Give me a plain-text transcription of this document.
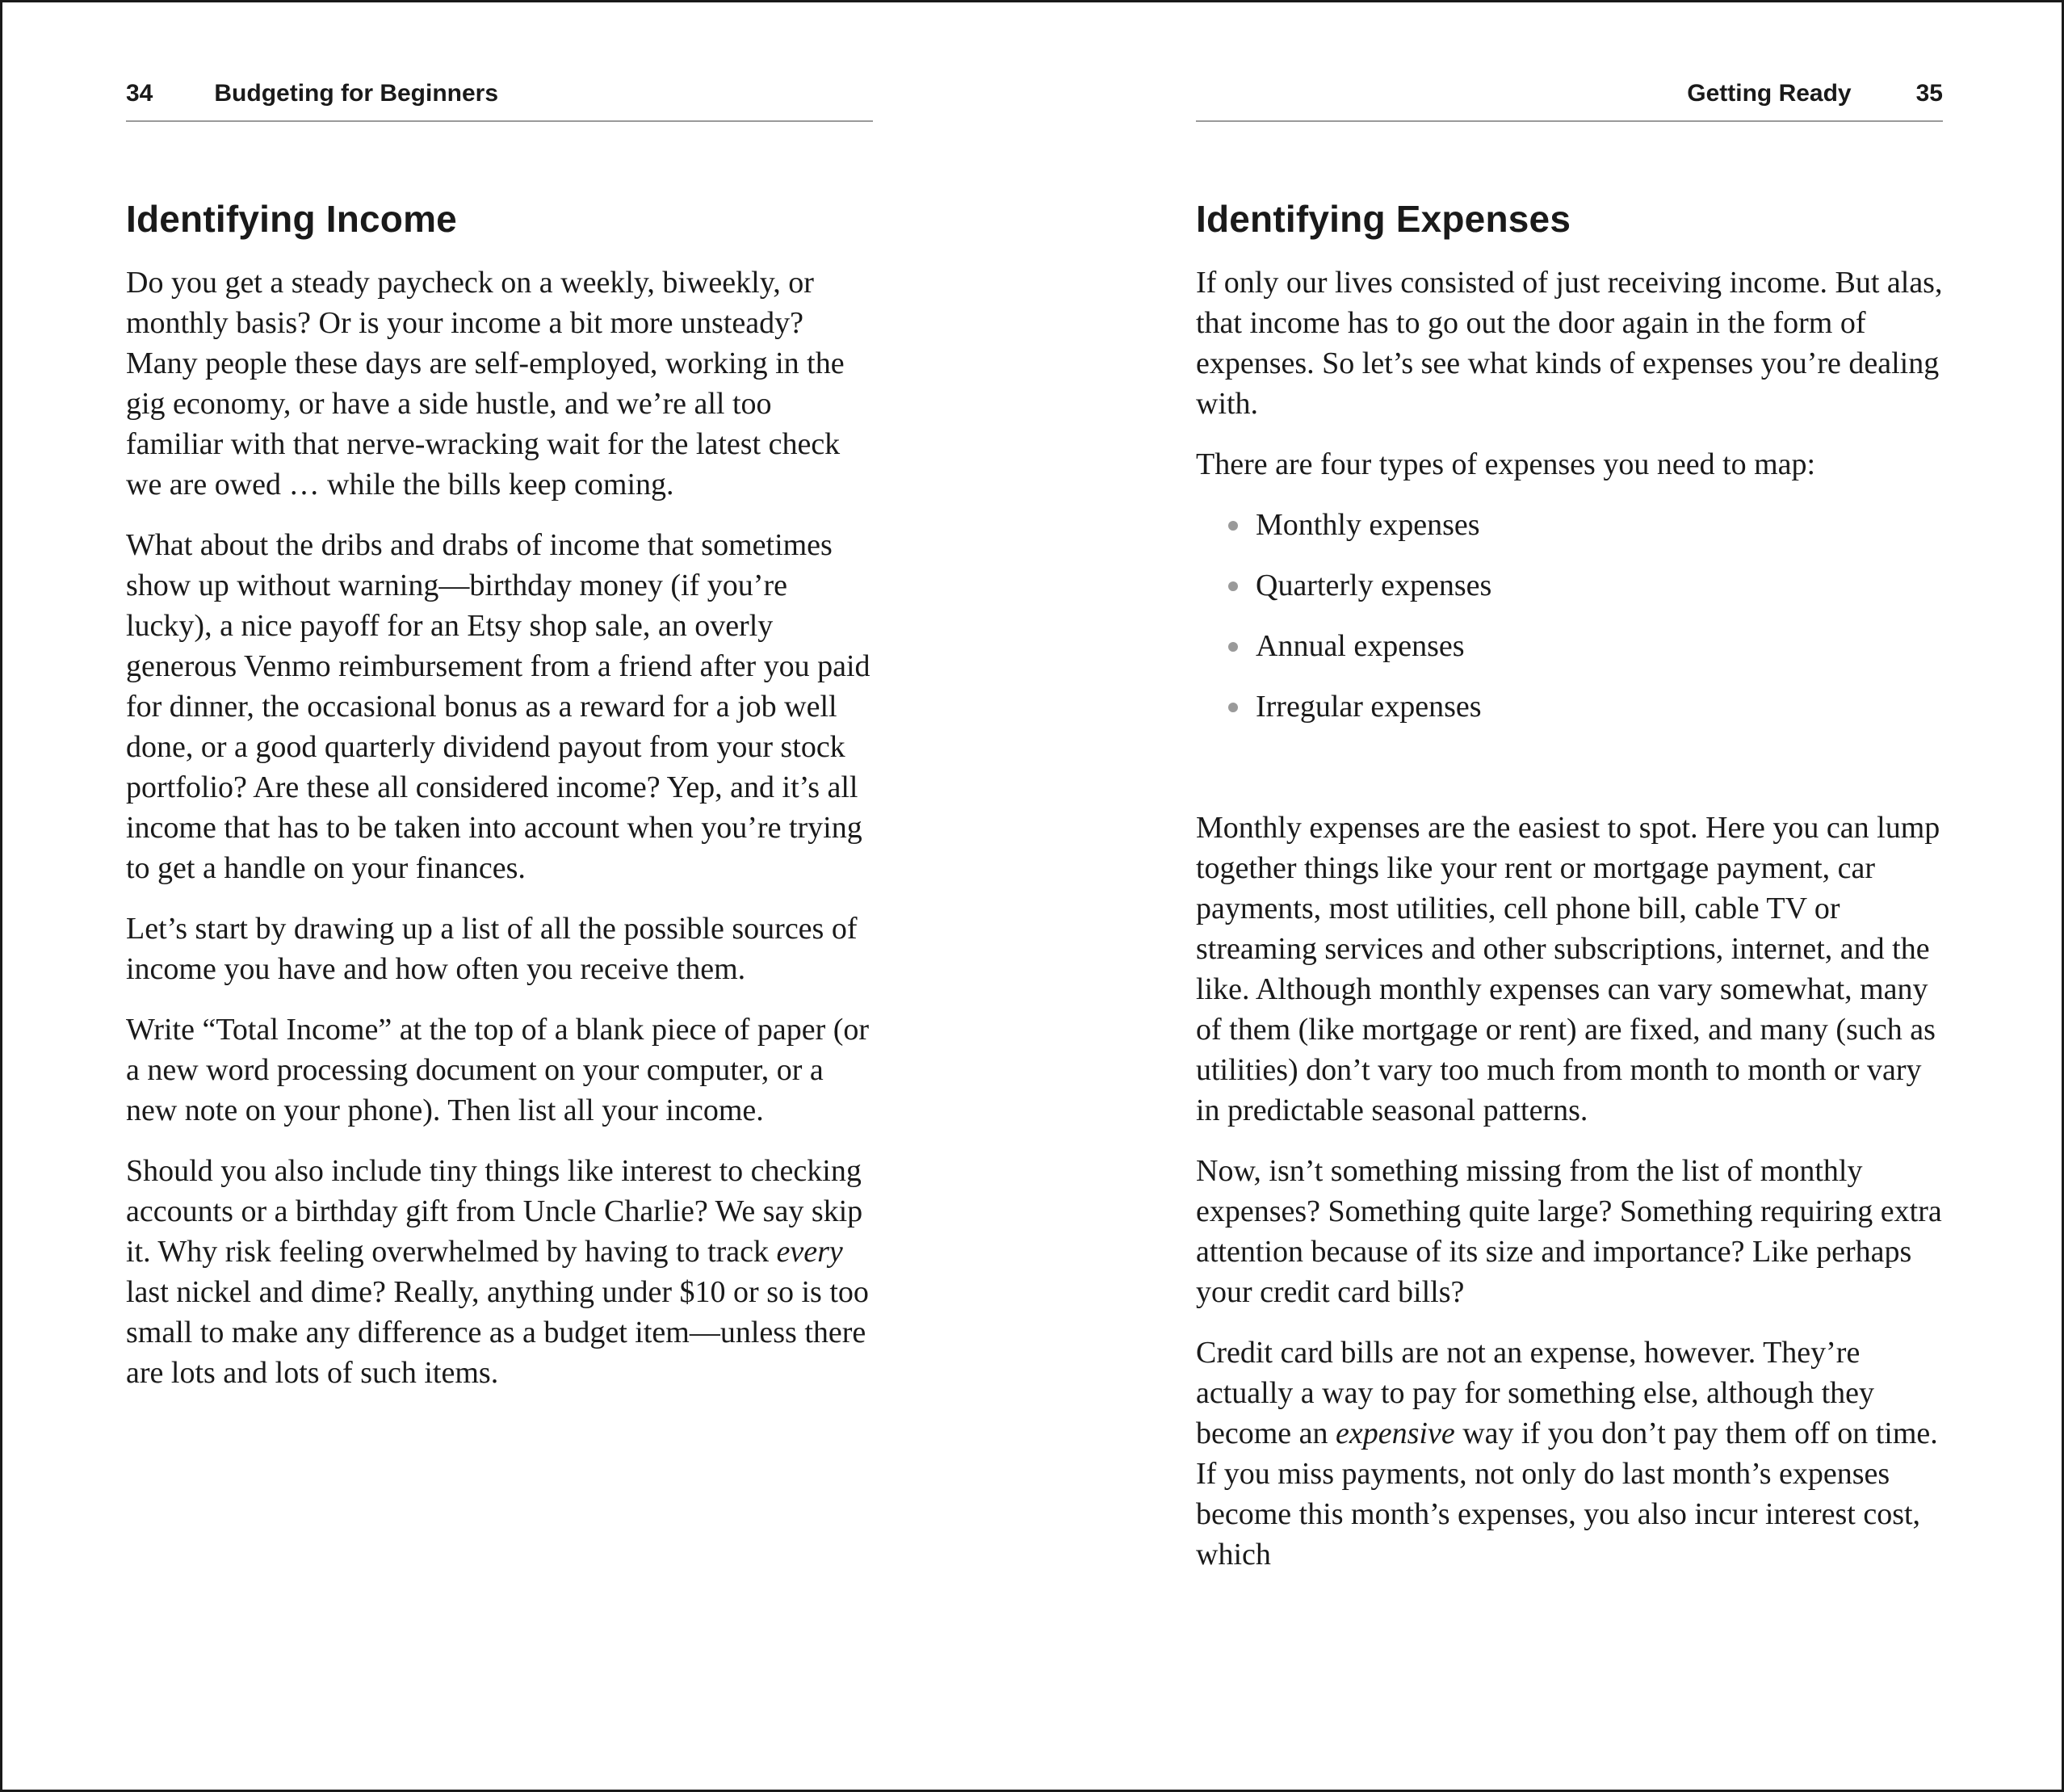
34	Budgeting for Beginners
Identifying Income

Do you get a steady paycheck on a weekly, biweekly, or monthly basis? Or is your income a bit more unsteady? Many people these days are self-employed, working in the gig economy, or have a side hustle, and we’re all too familiar with that nerve-wracking wait for the latest check we are owed … while the bills keep coming.

What about the dribs and drabs of income that sometimes show up without warning—birthday money (if you’re lucky), a nice payoff for an Etsy shop sale, an overly generous Venmo reimbursement from a friend after you paid for dinner, the occasional bonus as a reward for a job well done, or a good quarterly dividend payout from your stock portfolio? Are these all considered income? Yep, and it’s all income that has to be taken into account when you’re trying to get a handle on your finances.

Let’s start by drawing up a list of all the possible sources of income you have and how often you receive them.

Write “Total Income” at the top of a blank piece of paper (or a new word processing document on your computer, or a new note on your phone). Then list all your income.

Should you also include tiny things like interest to checking accounts or a birthday gift from Uncle Charlie? We say skip it. Why risk feeling overwhelmed by having to track every last nickel and dime? Really, anything under $10 or so is too small to make any difference as a budget item—unless there are lots and lots of such items.

Getting Ready	35
Identifying Expenses

If only our lives consisted of just receiving income. But alas, that income has to go out the door again in the form of expenses. So let’s see what kinds of expenses you’re dealing with.

There are four types of expenses you need to map:

Monthly expenses
Quarterly expenses
Annual expenses
Irregular expenses

Monthly expenses are the easiest to spot. Here you can lump together things like your rent or mortgage payment, car payments, most utilities, cell phone bill, cable TV or streaming services and other subscriptions, internet, and the like. Although monthly expenses can vary somewhat, many of them (like mortgage or rent) are fixed, and many (such as utilities) don’t vary too much from month to month or vary in predictable seasonal patterns.

Now, isn’t something missing from the list of monthly expenses? Something quite large? Something requiring extra attention because of its size and importance? Like perhaps your credit card bills?

Credit card bills are not an expense, however. They’re actually a way to pay for something else, although they become an expensive way if you don’t pay them off on time. If you miss payments, not only do last month’s expenses become this month’s expenses, you also incur interest cost, which
